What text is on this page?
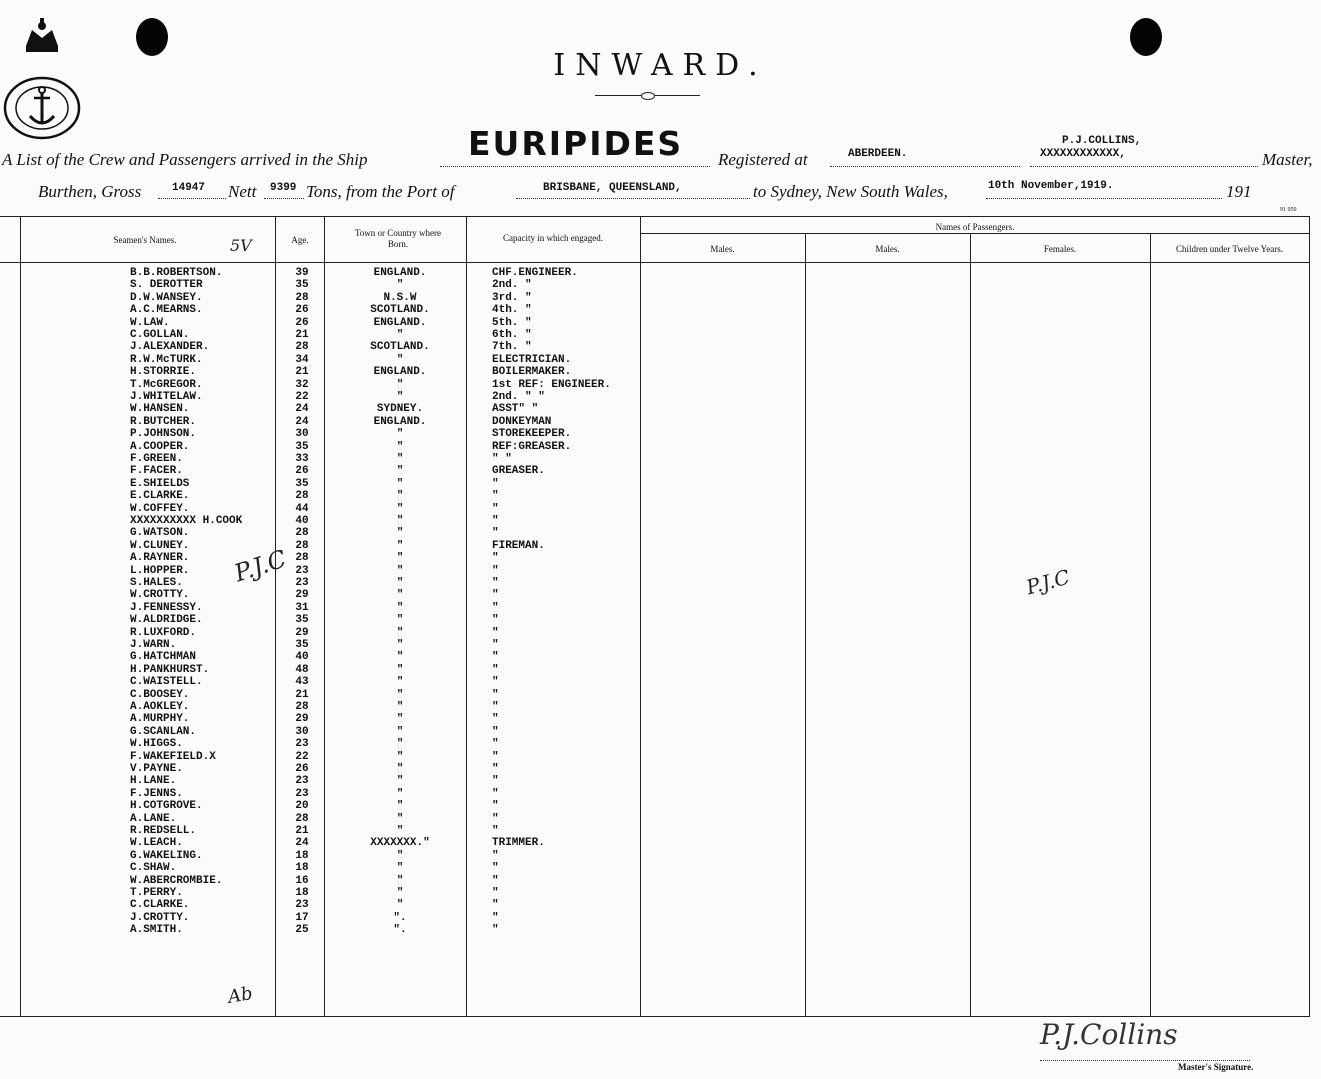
INWARD.
A List of the Crew and Passengers arrived in the Ship	EURIPIDES Registered at	ABERDEEN.
P.J.COLLINS,
XXXXXXXXXXXX,	Master,
Burthen, Gross	14947 Nett 9399 Tons, from the Port of	BRISBANE, QUEENSLAND,	to Sydney, New South Wales,	10th November,1919.	191
91 950
Seamen's Names.	5V	Age.
Town or Country where Born.
Capacity in which engaged.
Names of Passengers.
Males.	Males.	Females.	Children under Twelve Years.
B.B.ROBERTSON.	39	ENGLAND.	CHF.ENGINEER.
S. DEROTTER	35	"	2nd. "
D.W.WANSEY.	28	N.S.W	3rd. "
A.C.MEARNS.	26	SCOTLAND.	4th. "
W.LAW.	26	ENGLAND.	5th. "
C.GOLLAN.	21	"	6th. "
J.ALEXANDER.	28	SCOTLAND.	7th. "
R.W.McTURK.	34	"	ELECTRICIAN.
H.STORRIE.	21	ENGLAND.	BOILERMAKER.
T.McGREGOR.	32	"	1st REF: ENGINEER.
J.WHITELAW.	22	"	2nd. " "
W.HANSEN.	24	SYDNEY.	ASST" "
R.BUTCHER.	24	ENGLAND.	DONKEYMAN
P.JOHNSON.	30	"	STOREKEEPER.
A.COOPER.	35	"	REF:GREASER.
F.GREEN.	33	"	" "
F.FACER.	26	"	GREASER.
E.SHIELDS	35	"	"
E.CLARKE.	28	"	"
W.COFFEY.	44	"	"
XXXXXXXXXX H.COOK	40	"	"
G.WATSON.	28	"	"
W.CLUNEY.	28	"	FIREMAN.
A.RAYNER.	28	"	"
L.HOPPER.	23	"	"
S.HALES.	23	"	"
W.CROTTY.	29	"	"
J.FENNESSY.	31	"	"
W.ALDRIDGE.	35	"	"
R.LUXFORD.	29	"	"
J.WARN.	35	"	"
G.HATCHMAN	40	"	"
H.PANKHURST.	48	"	"
C.WAISTELL.	43	"	"
C.BOOSEY.	21	"	"
A.AOKLEY.	28	"	"
A.MURPHY.	29	"	"
G.SCANLAN.	30	"	"
W.HIGGS.	23	"	"
F.WAKEFIELD.X	22	"	"
V.PAYNE.	26	"	"
H.LANE.	23	"	"
F.JENNS.	23	"	"
H.COTGROVE.	20	"	"
A.LANE.	28	"	"
R.REDSELL.	21	"	"
W.LEACH.	24	XXXXXXX."	TRIMMER.
G.WAKELING.	18	"	"
C.SHAW.	18	"	"
W.ABERCROMBIE.	16	"	"
T.PERRY.	18	"	"
C.CLARKE.	23	"	"
J.CROTTY.	17	".	"
A.SMITH.	25	".	"
P.J.C	P.J.C
Ab
P.J.Collins
Master's Signature.
